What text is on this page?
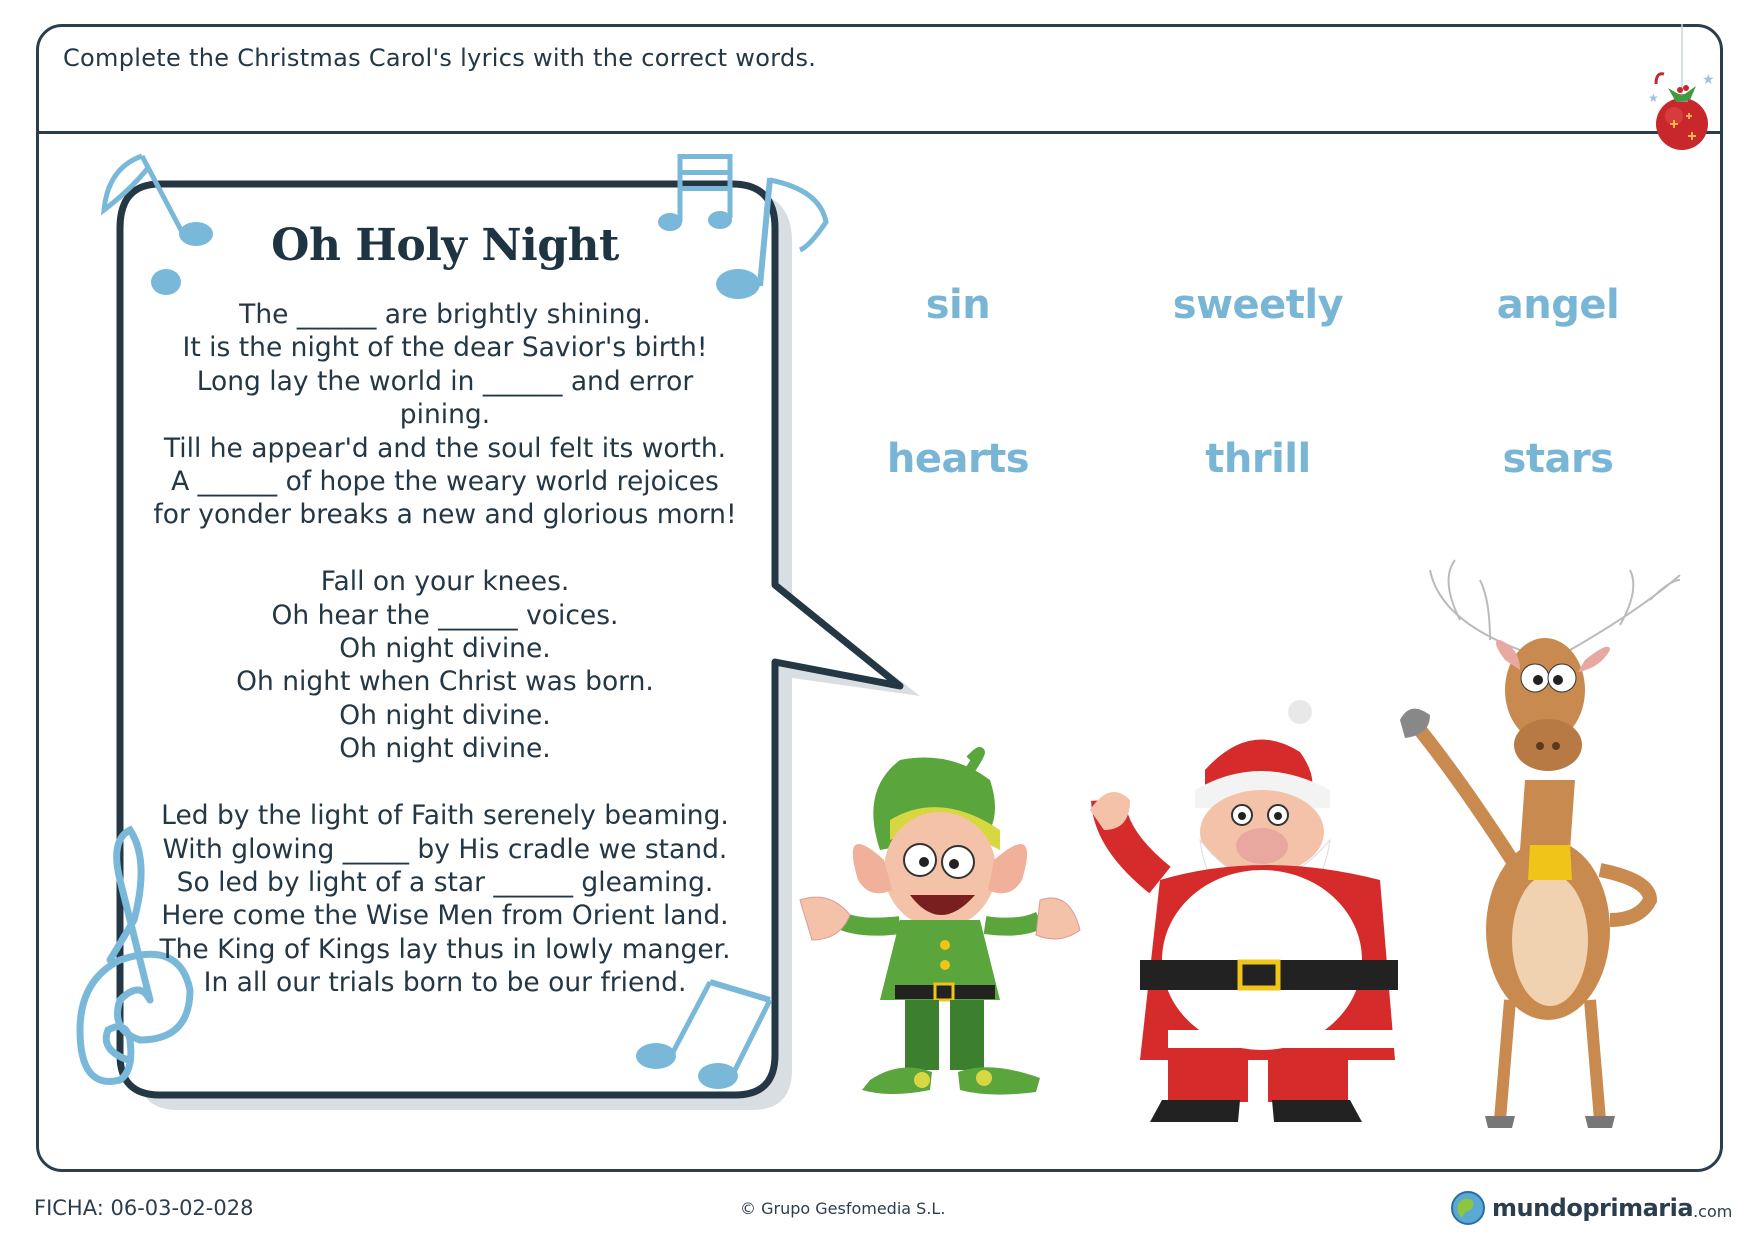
Complete the Christmas Carol's lyrics with the correct words.
★
★
Oh Holy Night
The ______ are brightly shining.
It is the night of the dear Savior's birth!
Long lay the world in ______ and error
pining.
Till he appear'd and the soul felt its worth.
A ______ of hope the weary world rejoices
for yonder breaks a new and glorious morn!

Fall on your knees.
Oh hear the ______ voices.
Oh night divine.
Oh night when Christ was born.
Oh night divine.
Oh night divine.

Led by the light of Faith serenely beaming.
With glowing _____ by His cradle we stand.
So led by light of a star ______ gleaming.
Here come the Wise Men from Orient land.
The King of Kings lay thus in lowly manger.
In all our trials born to be our friend.
sin	sweetly	angel
hearts	thrill	stars
FICHA: 06-03-02-028	© Grupo Gesfomedia S.L.	mundoprimaria .com
